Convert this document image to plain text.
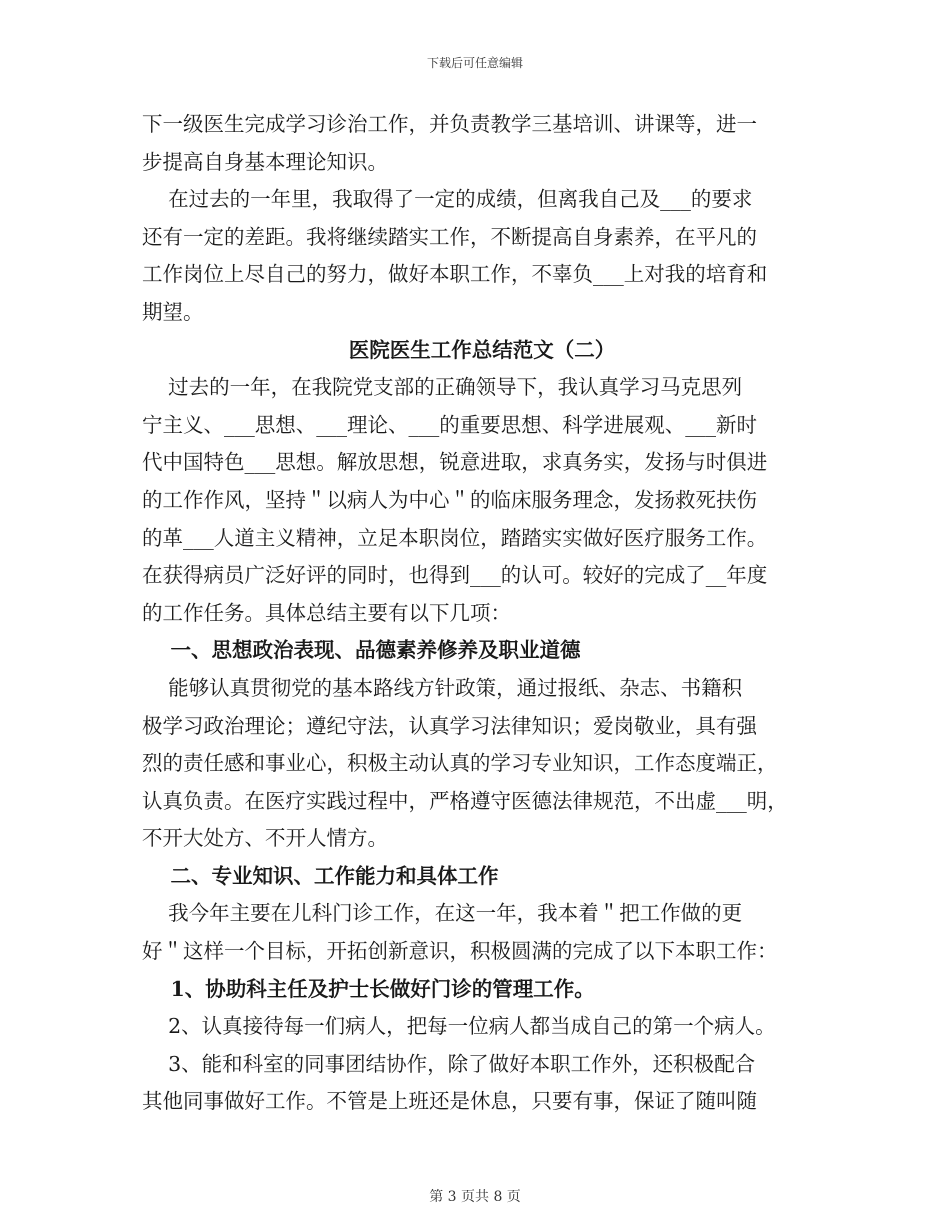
下载后可任意编辑
下一级医生完成学习诊治工作，并负责教学三基培训、讲课等，进一
步提高自身基本理论知识。
在过去的一年里，我取得了一定的成绩，但离我自己及___的要求
还有一定的差距。我将继续踏实工作，不断提高自身素养，在平凡的
工作岗位上尽自己的努力，做好本职工作，不辜负___上对我的培育和
期望。
医院医生工作总结范文（二）
过去的一年，在我院党支部的正确领导下，我认真学习马克思列
宁主义、___思想、___理论、___的重要思想、科学进展观、___新时
代中国特色___思想。解放思想，锐意进取，求真务实，发扬与时俱进
的工作作风，坚持＂以病人为中心＂的临床服务理念，发扬救死扶伤
的革___人道主义精神，立足本职岗位，踏踏实实做好医疗服务工作。
在获得病员广泛好评的同时，也得到___的认可。较好的完成了__年度
的工作任务。具体总结主要有以下几项：
一、思想政治表现、品德素养修养及职业道德
能够认真贯彻党的基本路线方针政策，通过报纸、杂志、书籍积
极学习政治理论；遵纪守法，认真学习法律知识；爱岗敬业，具有强
烈的责任感和事业心，积极主动认真的学习专业知识，工作态度端正，
认真负责。在医疗实践过程中，严格遵守医德法律规范，不出虚___明，
不开大处方、不开人情方。
二、专业知识、工作能力和具体工作
我今年主要在儿科门诊工作，在这一年，我本着＂把工作做的更
好＂这样一个目标，开拓创新意识，积极圆满的完成了以下本职工作：
1、协助科主任及护士长做好门诊的管理工作。
2、认真接待每一们病人，把每一位病人都当成自己的第一个病人。
3、能和科室的同事团结协作，除了做好本职工作外，还积极配合
其他同事做好工作。不管是上班还是休息，只要有事，保证了随叫随
第 3 页共 8 页
